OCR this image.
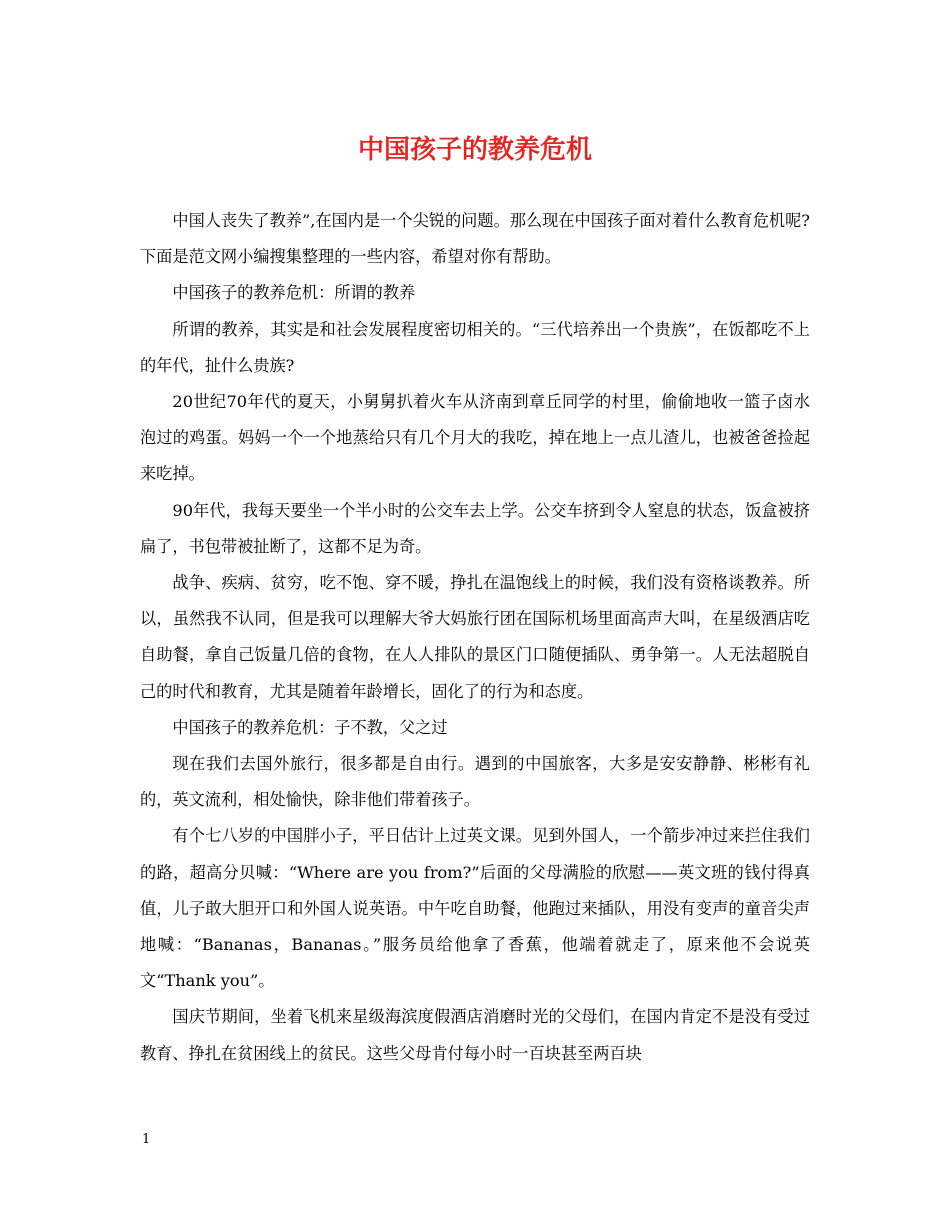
中国孩子的教养危机

中国人丧失了教养”,在国内是一个尖锐的问题。那么现在中国孩子面对着什么教育危机呢?下面是范文网小编搜集整理的一些内容，希望对你有帮助。

中国孩子的教养危机：所谓的教养

所谓的教养，其实是和社会发展程度密切相关的。“三代培养出一个贵族”，在饭都吃不上的年代，扯什么贵族?

20世纪70年代的夏天，小舅舅扒着火车从济南到章丘同学的村里，偷偷地收一篮子卤水泡过的鸡蛋。妈妈一个一个地蒸给只有几个月大的我吃，掉在地上一点儿渣儿，也被爸爸捡起来吃掉。

90年代，我每天要坐一个半小时的公交车去上学。公交车挤到令人窒息的状态，饭盒被挤扁了，书包带被扯断了，这都不足为奇。

战争、疾病、贫穷，吃不饱、穿不暖，挣扎在温饱线上的时候，我们没有资格谈教养。所以，虽然我不认同，但是我可以理解大爷大妈旅行团在国际机场里面高声大叫，在星级酒店吃自助餐，拿自己饭量几倍的食物，在人人排队的景区门口随便插队、勇争第一。人无法超脱自己的时代和教育，尤其是随着年龄增长，固化了的行为和态度。

中国孩子的教养危机：子不教，父之过

现在我们去国外旅行，很多都是自由行。遇到的中国旅客，大多是安安静静、彬彬有礼的，英文流利，相处愉快，除非他们带着孩子。

有个七八岁的中国胖小子，平日估计上过英文课。见到外国人，一个箭步冲过来拦住我们的路，超高分贝喊：“Where are you from?”后面的父母满脸的欣慰——英文班的钱付得真值，儿子敢大胆开口和外国人说英语。中午吃自助餐，他跑过来插队，用没有变声的童音尖声地喊：“Bananas，Bananas。”服务员给他拿了香蕉，他端着就走了，原来他不会说英文“Thank you”。

国庆节期间，坐着飞机来星级海滨度假酒店消磨时光的父母们，在国内肯定不是没有受过教育、挣扎在贫困线上的贫民。这些父母肯付每小时一百块甚至两百块

1
